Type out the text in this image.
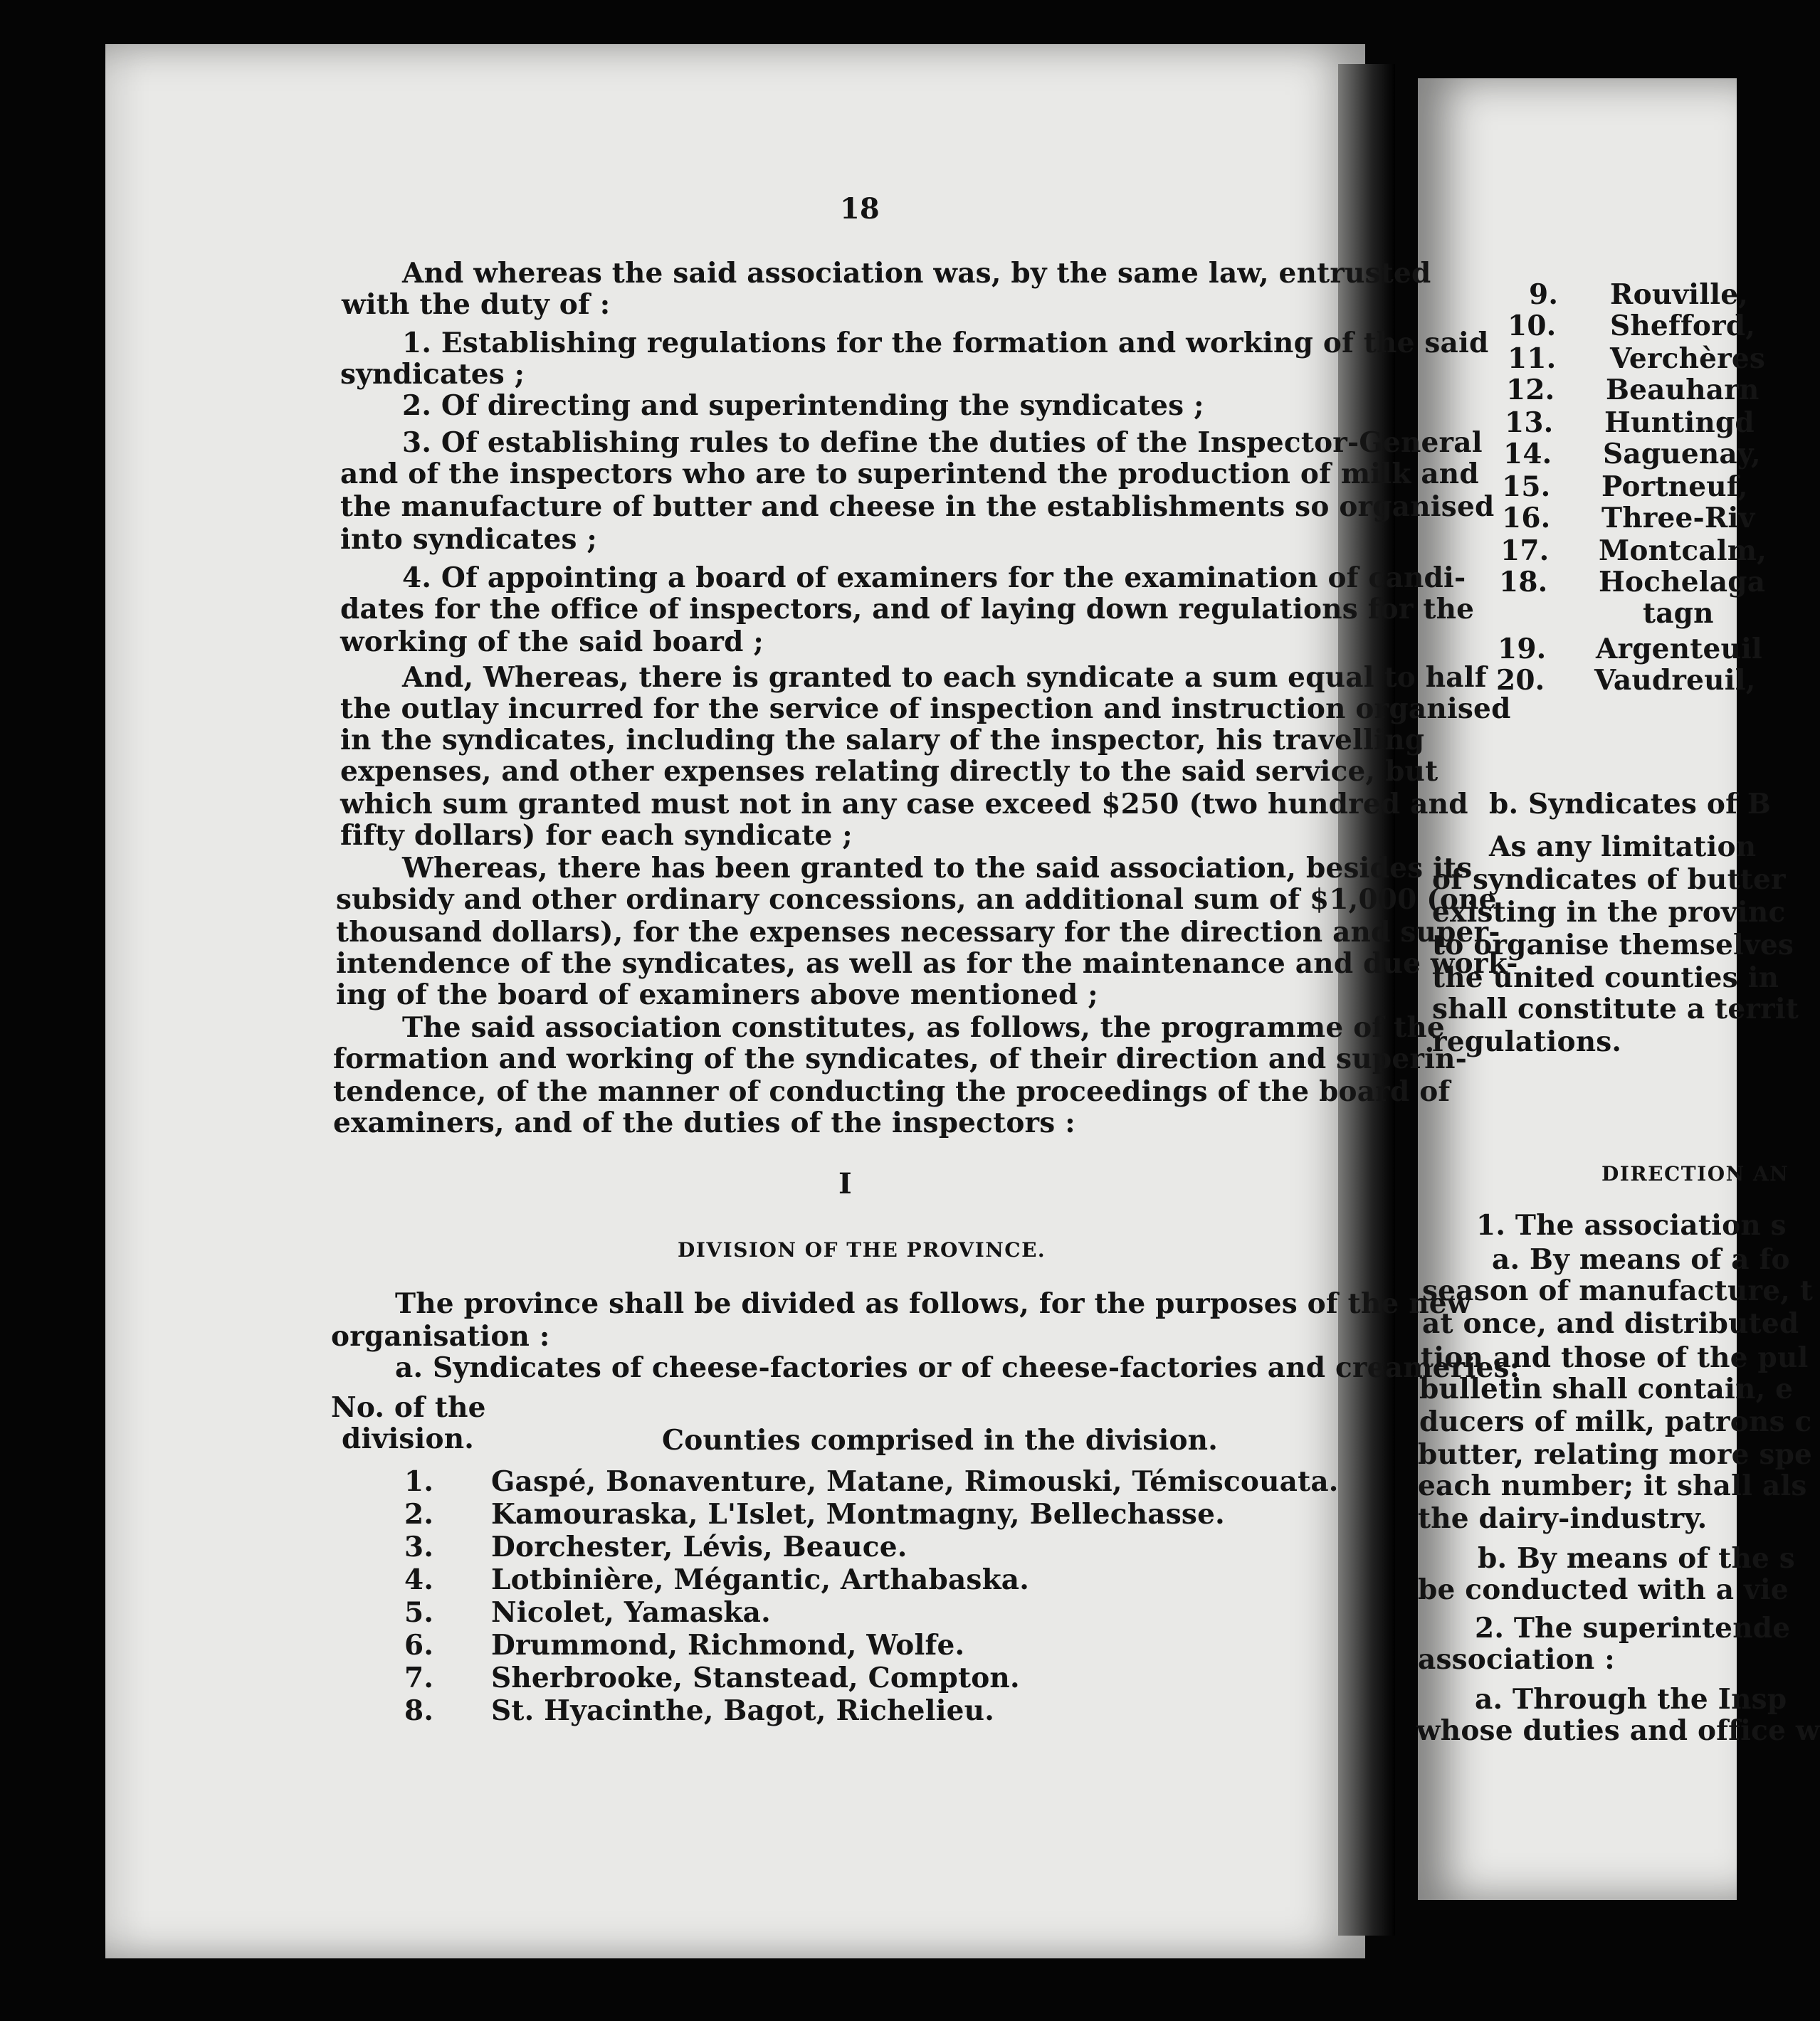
18
And whereas the said association was, by the same law, entrusted
with the duty of :
1. Establishing regulations for the formation and working of the said
syndicates ;
2. Of directing and superintending the syndicates ;
3. Of establishing rules to define the duties of the Inspector-General
and of the inspectors who are to superintend the production of milk and
the manufacture of butter and cheese in the establishments so organised
into syndicates ;
4. Of appointing a board of examiners for the examination of candi-
dates for the office of inspectors, and of laying down regulations for the
working of the said board ;
And, Whereas, there is granted to each syndicate a sum equal to half
the outlay incurred for the service of inspection and instruction organised
in the syndicates, including the salary of the inspector, his travelling
expenses, and other expenses relating directly to the said service, but
which sum granted must not in any case exceed $250 (two hundred and
fifty dollars) for each syndicate ;
Whereas, there has been granted to the said association, besides its
subsidy and other ordinary concessions, an additional sum of $1,000 (one
thousand dollars), for the expenses necessary for the direction and super-
intendence of the syndicates, as well as for the maintenance and due work-
ing of the board of examiners above mentioned ;
The said association constitutes, as follows, the programme of the
formation and working of the syndicates, of their direction and superin-
tendence, of the manner of conducting the proceedings of the board of
examiners, and of the duties of the inspectors :
I
DIVISION OF THE PROVINCE.
The province shall be divided as follows, for the purposes of the new
organisation :
a. Syndicates of cheese-factories or of cheese-factories and creameries:
No. of the
division.	Counties comprised in the division.
1. Gaspé, Bonaventure, Matane, Rimouski, Témiscouata.
2. Kamouraska, L'Islet, Montmagny, Bellechasse.
3. Dorchester, Lévis, Beauce.
4. Lotbinière, Mégantic, Arthabaska.
5. Nicolet, Yamaska.
6. Drummond, Richmond, Wolfe.
7. Sherbrooke, Stanstead, Compton.
8. St. Hyacinthe, Bagot, Richelieu.
9. Rouville,
10. Shefford,
11. Verchères
12. Beauharn
13. Huntingd
14. Saguenay,
15. Portneuf,
16. Three-Riv
17. Montcalm,
18. Hochelaga
tagn
19. Argenteuil
20. Vaudreuil,
b. Syndicates of B
As any limitation
of syndicates of butter
existing in the provinc
to organise themselves
the united counties in
shall constitute a territ
regulations.
DIRECTION AN
1. The association s
a. By means of a fo
season of manufacture, t
at once, and distributed
tion and those of the pul
bulletin shall contain, e
ducers of milk, patrons c
butter, relating more spe
each number; it shall als
the dairy-industry.
b. By means of the s
be conducted with a vie
2. The superintende
association :
a. Through the Insp
whose duties and office w
